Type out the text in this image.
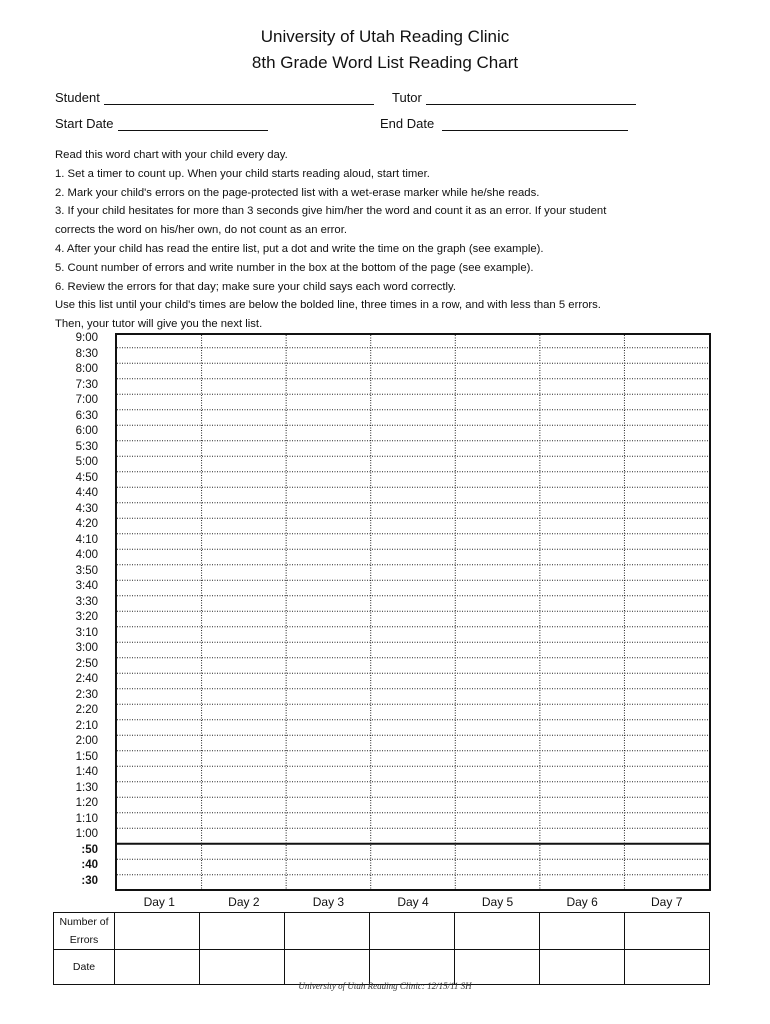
University of Utah Reading Clinic
8th Grade Word List Reading Chart
Student	Tutor
Start Date	End Date
Read this word chart with your child every day.
1. Set a timer to count up. When your child starts reading aloud, start timer.
2. Mark your child's errors on the page-protected list with a wet-erase marker while he/she reads.
3. If your child hesitates for more than 3 seconds give him/her the word and count it as an error. If your student
corrects the word on his/her own, do not count as an error.
4. After your child has read the entire list, put a dot and write the time on the graph (see example).
5. Count number of errors and write number in the box at the bottom of the page (see example).
6. Review the errors for that day; make sure your child says each word correctly.
Use this list until your child's times are below the bolded line, three times in a row, and with less than 5 errors.
Then, your tutor will give you the next list.
9:00
8:30
8:00
7:30
7:00
6:30
6:00
5:30
5:00
4:50
4:40
4:30
4:20
4:10
4:00
3:50
3:40
3:30
3:20
3:10
3:00
2:50
2:40
2:30
2:20
2:10
2:00
1:50
1:40
1:30
1:20
1:10
1:00
:50
:40
:30
Day 1	Day 2	Day 3	Day 4	Day 5	Day 6	Day 7
Number of Errors							
Date							
University of Utah Reading Clinic: 12/15/11 SH
